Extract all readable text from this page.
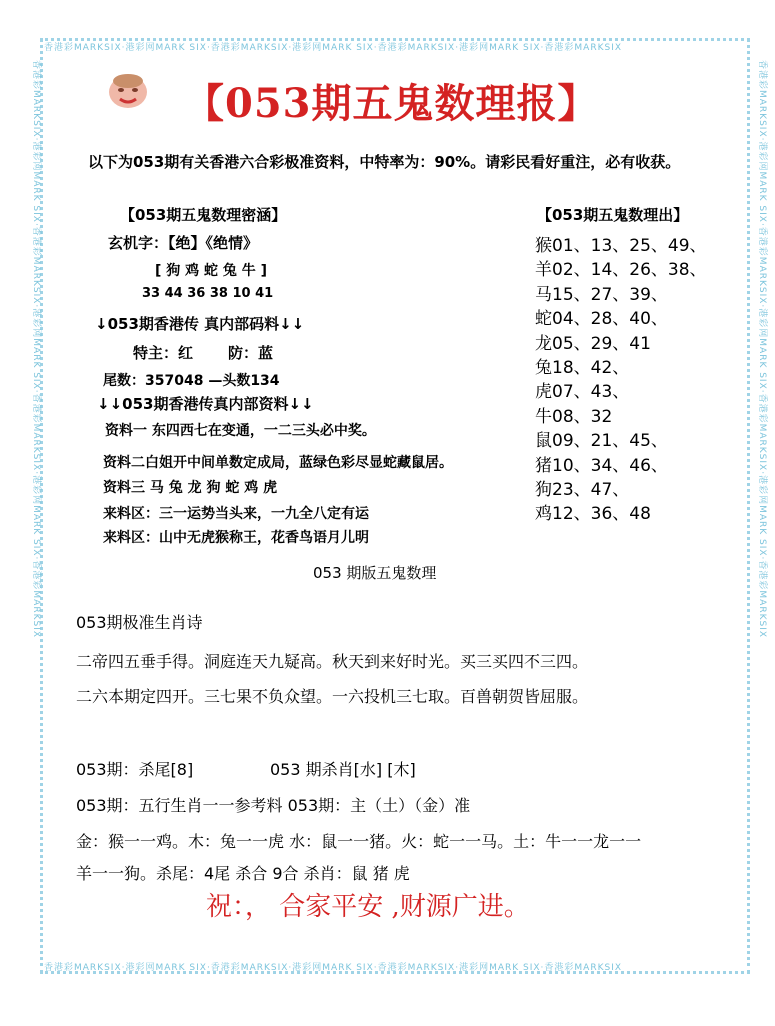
香港彩MARKSIX·港彩网MARK SIX·香港彩MARKSIX·港彩网MARK SIX·香港彩MARKSIX·港彩网MARK SIX·香港彩MARKSIX
香港彩MARKSIX·港彩网MARK SIX·香港彩MARKSIX·港彩网MARK SIX·香港彩MARKSIX·港彩网MARK SIX·香港彩MARKSIX
香港彩MARKSIX·港彩网MARK SIX·香港彩MARKSIX·港彩网MARK SIX·香港彩MARKSIX·港彩网MARK SIX·香港彩MARKSIX	香港彩MARKSIX·港彩网MARK SIX·香港彩MARKSIX·港彩网MARK SIX·香港彩MARKSIX·港彩网MARK SIX·香港彩MARKSIX
【053期五鬼数理报】
以下为053期有关香港六合彩极准资料，中特率为：90%。请彩民看好重注，必有收获。
【053期五鬼数理密涵】
玄机字：【绝】《绝情》
[ 狗 鸡 蛇 兔 牛 ]
33 44 36 38 10 41
↓053期香港传 真内部码料↓↓
特主：红 防：蓝
尾数：357048 —头数134
↓↓053期香港传真内部资料↓↓
资料一 东四西七在变通，一二三头必中奖。
资料二白姐开中间单数定成局，蓝绿色彩尽显蛇藏鼠居。
资料三 马 兔 龙 狗 蛇 鸡 虎
来料区：三一运势当头来，一九全八定有运
来料区：山中无虎猴称王，花香鸟语月儿明
【053期五鬼数理出】
猴01、13、25、49、
羊02、14、26、38、
马15、27、39、
蛇04、28、40、
龙05、29、41
兔18、42、
虎07、43、
牛08、32
鼠09、21、45、
猪10、34、46、
狗23、47、
鸡12、36、48
053 期版五鬼数理
053期极准生肖诗
二帝四五垂手得。洞庭连天九疑高。秋天到来好时光。买三买四不三四。
二六本期定四开。三七果不负众望。一六投机三七取。百兽朝贺皆屈服。
053期：杀尾[8]	053 期杀肖[水] [木]
053期：五行生肖一一参考料 053期：主（土）（金）准
金：猴一一鸡。木：兔一一虎 水：鼠一一猪。火：蛇一一马。土：牛一一龙一一
羊一一狗。杀尾：4尾 杀合 9合 杀肖：鼠 猪 虎
祝：， 合家平安 ,财源广进。
